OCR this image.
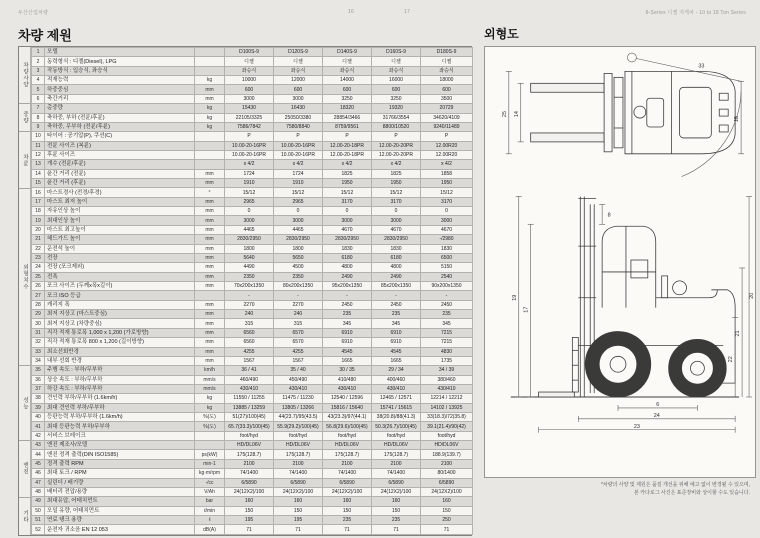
두산산업차량	16	17	8-Series 디젤 지게차 - 10 to 18 Ton Series
차량 제원	외형도
차량사양
중량
차륜
외형치수
성능
엔진
기타
1	모델		D100S-9	D120S-9	D140S-9	D160S-9	D180S-9
2	동력형식 : 디젤(Diesel), LPG		디젤	디젤	디젤	디젤	디젤
3	작동방식 : 입승식, 좌승식		좌승식	좌승식	좌승식	좌승식	좌승식
4	적재능력	kg	10000	12000	14000	16000	18000
5	하중중심	mm	600	600	600	600	600
6	축간거리	mm	3000	3000	3250	3250	3500
7	총중량	kg	15430	16430	18320	19320	20729
8	축하중, 부하 (전륜/후륜)	kg	22105/3325	25050/3380	28854/3466	31766/3554	34620/4109
9	축하중, 무부하 (전륜/후륜)	kg	7586/7842	7580/8840	8759/9561	8800/10520	9240/11489
10	타이어 : 공기압(P), 쿠션(C)		P	P	P	P	P
11	전륜 사이즈 (복륜)		10.00-20-16PR	10.00-20-16PR	12.00-20-18PR	12.00-20-20PR	12.00R20
12	후륜 사이즈		10.00-20-16PR	10.00-20-16PR	12.00-20-18PR	12.00-20-20PR	12.00R20
13	개수 (전륜/후륜)		x 4/2	x 4/2	x 4/2	x 4/2	x 4/2
14	윤간 거리 (전륜)	mm	1724	1724	1825	1825	1858
15	윤간 거리 (후륜)	mm	1910	1910	1950	1950	1950
16	마스트경사 (전경/후경)	°	15/12	15/12	15/12	15/12	15/12
17	마스트 최저 높이	mm	2965	2965	3170	3170	3170
18	자유인상 높이	mm	0	0	0	0	0
19	최대인상 높이	mm	3000	3000	3000	3000	3000
20	마스트 최고높이	mm	4465	4465	4670	4670	4670
21	헤드가드 높이	mm	2830/2950	2830/2950	2830/2950	2830/2950	-/2980
22	운전석 높이	mm	1800	1800	1830	1830	1830
23	전장	mm	5640	5650	6180	6180	6500
24	전장 (포크제외)	mm	4490	4500	4800	4800	5150
25	전폭	mm	2350	2350	2490	2490	2540
26	포크 사이즈 (두께x폭x길이)	mm	70x200x1350	80x200x1350	95x200x1350	85x200x1350	90x200x1350
27	포크 ISO 등급		-	-	-	-	-
28	캐리지 폭	mm	2270	2270	2450	2450	2450
29	최저 지상고 (마스트중심)	mm	240	240	235	235	235
30	최저 지상고 (차량중심)	mm	315	315	345	345	345
31	직각 적재 통로폭 1,000 x 1,200 (가로방향)	mm	6560	6570	6910	6910	7215
32	직각 적재 통로폭 800 x 1,200 (길이방향)	mm	6560	6570	6910	6910	7215
33	최소선회반경	mm	4255	4255	4545	4545	4830
34	내부 선회 반경	mm	1567	1567	1665	1665	1735
35	주행 속도 : 부하/무부하	km/h	36 / 41	35 / 40	30 / 35	29 / 34	34 / 39
36	상승 속도 : 부하/무부하	mm/s	460/490	450/490	410/480	400/460	380/460
37	하강 속도 : 부하/무부하	mm/s	430/410	430/410	430/410	430/410	430/410
38	견인력 부하/무부하 (1.6km/h)	kg	11550 / 11255	11475 / 11230	12540 / 12596	12465 / 12571	12214 / 12212
39	최대 견인력 부하/무부하	kg	13885 / 13259	13805 / 13266	15816 / 15640	15741 / 15615	14102 / 13925
40	등판능력 부하/무부하 (1.6km/h)	%(도)	51(27)/100(45)	44(23.7)/95(43.5)	43(23.3)/97(44.1)	38(20.8)/88(41.3)	33(18.3)/72(35.8)
41	최대 등판능력 부하/무부하	%(도)	65.7(33.3)/100(45)	55.9(29.2)/100(45)	56.8(29.6)/100(45)	50.3(26.7)/100(45)	39.1(21.4)/90(42)
42	서비스 브레이크		foot/hyd	foot/hyd	foot/hyd	foot/hyd	foot/hyd
43	엔진 제조사/모델		HD/DL06V	HD/DL06V	HD/DL06V	HD/DL06V	HD/DL06V
44	엔진 정격 출력(DIN ISO1585)	ps(kW)	175(128.7)	175(128.7)	175(128.7)	175(128.7)	188.9(139.7)
45	정격 출력 RPM	min-1	2100	2100	2100	2100	2100
46	최대 토크 / RPM	kg·m/rpm	74/1400	74/1400	74/1400	74/1400	80/1400
47	실린더 / 배기량	-/cc	6/5890	6/5890	6/5890	6/5890	6/5890
48	배터리 전압/용량	V/Ah	24(12X2)/100	24(12X2)/100	24(12X2)/100	24(12X2)/100	24(12X2)/100
49	최대유압, 어태치먼트	bar	160	160	160	160	160
50	오일 유량, 어태치먼트	ℓ/min	150	150	150	150	150
51	연료 탱크 용량	ℓ	195	195	235	235	250
52	운전자 귀소음 EN 12 053	dB(A)	71	71	71	71	71
25 14
33
15
19
17
8
20
21
22
6
24
23
*차량의 사양 및 제원은 품질 개선을 위해 예고 없이 변경될 수 있으며,
본 카다로그 사진은 표준장비와 상이할 수도 있습니다.
